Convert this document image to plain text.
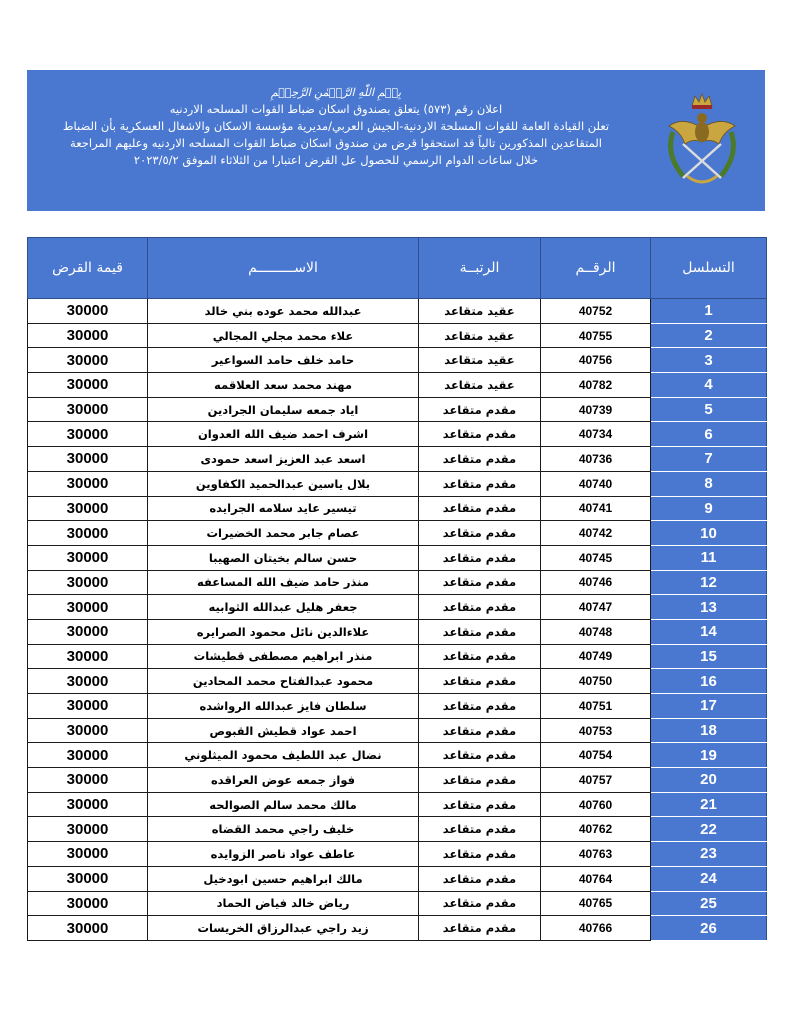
بِسۡمِ اللّٰهِ الرَّحۡمٰنِ الرَّحِیۡمِ
اعلان رقم (٥٧٣) يتعلق بصندوق اسكان ضباط القوات المسلحه الاردنيه
تعلن القيادة العامة للقوات المسلحة الاردنية-الجيش العربي/مديرية مؤسسة الاسكان والاشغال العسكرية بأن الضباط
المتقاعدين المذكورين تالياً قد استحقوا قرض من صندوق اسكان ضباط القوات المسلحه الاردنيه وعليهم المراجعة
خلال ساعات الدوام الرسمي للحصول عل القرض اعتبارا من الثلاثاء الموفق ٢٠٢٣/٥/٢
قيمة القرض	الاســـــــــم	الرتبــة	الرقــم	التسلسل
30000	عبدالله محمد عوده بني خالد	عقيد متقاعد	40752	1
30000	علاء محمد مجلي المجالي	عقيد متقاعد	40755	2
30000	حامد خلف حامد السواعير	عقيد متقاعد	40756	3
30000	مهند محمد سعد العلاقمه	عقيد متقاعد	40782	4
30000	اياد جمعه سليمان الجرادين	مقدم متقاعد	40739	5
30000	اشرف احمد ضيف الله العدوان	مقدم متقاعد	40734	6
30000	اسعد عبد العزيز اسعد حمودى	مقدم متقاعد	40736	7
30000	بلال ياسين عبدالحميد الكفاوين	مقدم متقاعد	40740	8
30000	تيسير عايد سلامه الجرايده	مقدم متقاعد	40741	9
30000	عصام جابر محمد الخضيرات	مقدم متقاعد	40742	10
30000	حسن سالم بخيتان الصهيبا	مقدم متقاعد	40745	11
30000	منذر حامد ضيف الله المساعفه	مقدم متقاعد	40746	12
30000	جعفر هليل عبدالله الثوابيه	مقدم متقاعد	40747	13
30000	علاءالدين نائل محمود الصرايره	مقدم متقاعد	40748	14
30000	منذر ابراهيم مصطفى قطيشات	مقدم متقاعد	40749	15
30000	محمود عبدالفتاح محمد المحادين	مقدم متقاعد	40750	16
30000	سلطان فايز عبدالله الرواشده	مقدم متقاعد	40751	17
30000	احمد عواد قطيش القبوص	مقدم متقاعد	40753	18
30000	نضال عبد اللطيف محمود الميثلوني	مقدم متقاعد	40754	19
30000	فواز جمعه عوض العراقده	مقدم متقاعد	40757	20
30000	مالك محمد سالم الصوالحه	مقدم متقاعد	40760	21
30000	خليف راجي محمد القضاه	مقدم متقاعد	40762	22
30000	عاطف عواد ناصر الزوايده	مقدم متقاعد	40763	23
30000	مالك ابراهيم حسين ابودخيل	مقدم متقاعد	40764	24
30000	رياض خالد فياض الحماد	مقدم متقاعد	40765	25
30000	زيد راجي عبدالرزاق الخريسات	مقدم متقاعد	40766	26
